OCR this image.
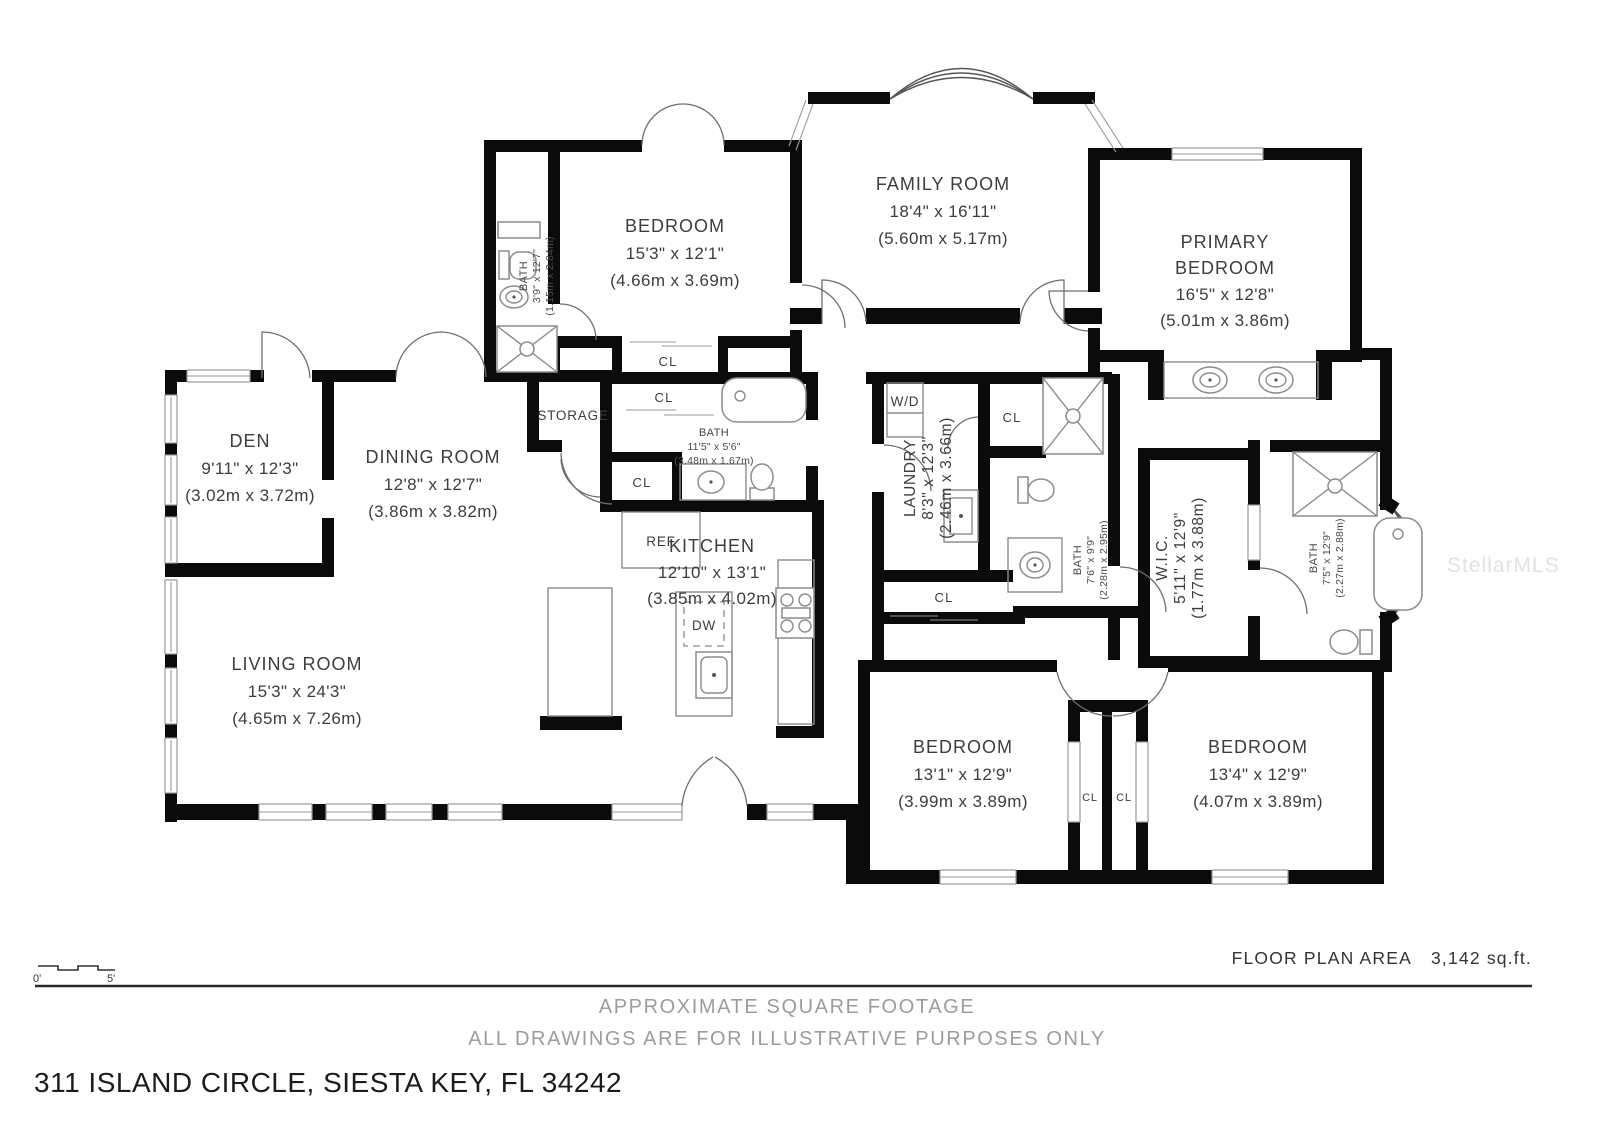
BEDROOM
15'3" x 12'1"
(4.66m x 3.69m)
FAMILY ROOM
18'4" x 16'11"
(5.60m x 5.17m)	PRIMARY
BEDROOM
16'5" x 12'8"
(5.01m x 3.86m)
DEN
9'11" x 12'3"
(3.02m x 3.72m)
DINING ROOM
12'8" x 12'7"
(3.86m x 3.82m)
KITCHEN
12'10" x 13'1"
(3.85m x 4.02m)
LIVING ROOM
15'3" x 24'3"
(4.65m x 7.26m)
LAUNDRY 8'3" x 12'3" (2.46m x 3.66m)
W.I.C. 5'11" x 12'9" (1.77m x 3.88m)
BEDROOM
13'1" x 12'9"
(3.99m x 3.89m)
BEDROOM
13'4" x 12'9"
(4.07m x 3.89m)
BATH 3'9" x 12'7" (1.15m x 2.84m)
BATH
11'5" x 5'6"
(3.48m x 1.67m)
BATH 7'6" x 9'9" (2.28m x 2.95m)	BATH 7'5" x 12'9" (2.27m x 2.88m)
STORAGE
CL
CL
CL
CL
CL
CL CL
W/D
REF
DW
StellarMLS
0'	5'
FLOOR PLAN AREA 3,142 sq.ft.
APPROXIMATE SQUARE FOOTAGE
ALL DRAWINGS ARE FOR ILLUSTRATIVE PURPOSES ONLY
311 ISLAND CIRCLE, SIESTA KEY, FL 34242
